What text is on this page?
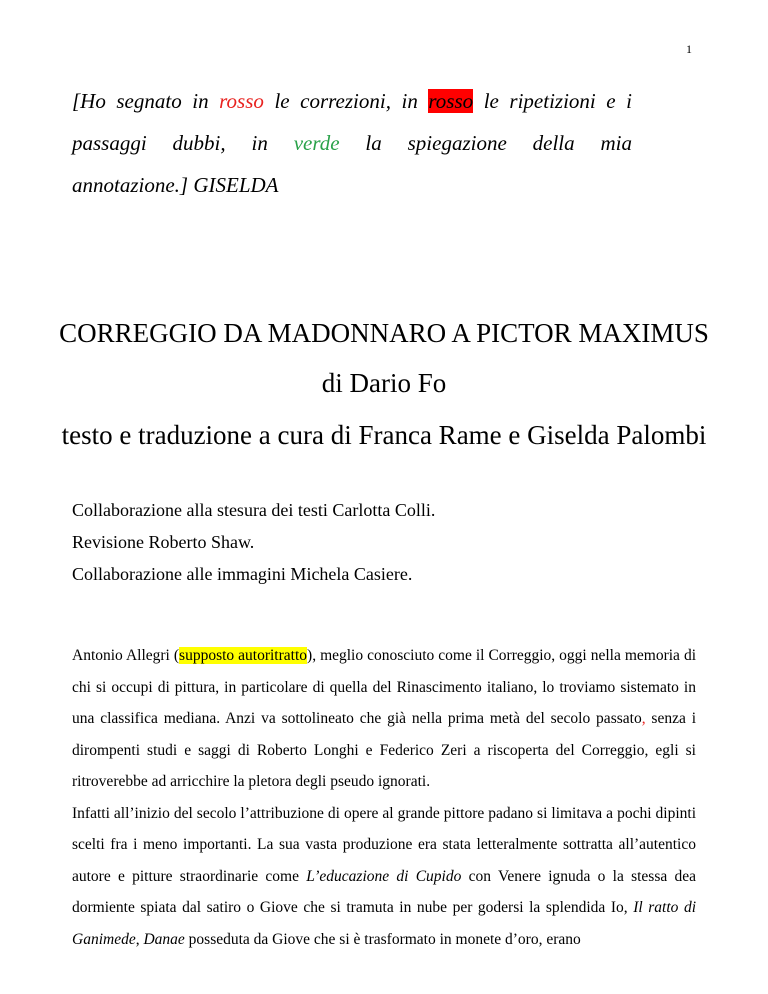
1
[Ho segnato in rosso le correzioni, in rosso le ripetizioni e i
passaggi dubbi, in verde la spiegazione della mia
annotazione.] GISELDA
CORREGGIO DA MADONNARO A PICTOR MAXIMUS
di Dario Fo
testo e traduzione a cura di Franca Rame e Giselda Palombi
Collaborazione alla stesura dei testi Carlotta Colli.
Revisione Roberto Shaw.
Collaborazione alle immagini Michela Casiere.

Antonio Allegri (supposto autoritratto), meglio conosciuto come il Correggio, oggi nella memoria di chi si occupi di pittura, in particolare di quella del Rinascimento italiano, lo troviamo sistemato in una classifica mediana. Anzi va sottolineato che già nella prima metà del secolo passato, senza i dirompenti studi e saggi di Roberto Longhi e Federico Zeri a riscoperta del Correggio, egli si ritroverebbe ad arricchire la pletora degli pseudo ignorati.

Infatti all’inizio del secolo l’attribuzione di opere al grande pittore padano si limitava a pochi dipinti scelti fra i meno importanti. La sua vasta produzione era stata letteralmente sottratta all’autentico autore e pitture straordinarie come L’educazione di Cupido con Venere ignuda o la stessa dea dormiente spiata dal satiro o Giove che si tramuta in nube per godersi la splendida Io, Il ratto di Ganimede, Danae posseduta da Giove che si è trasformato in monete d’oro, erano
